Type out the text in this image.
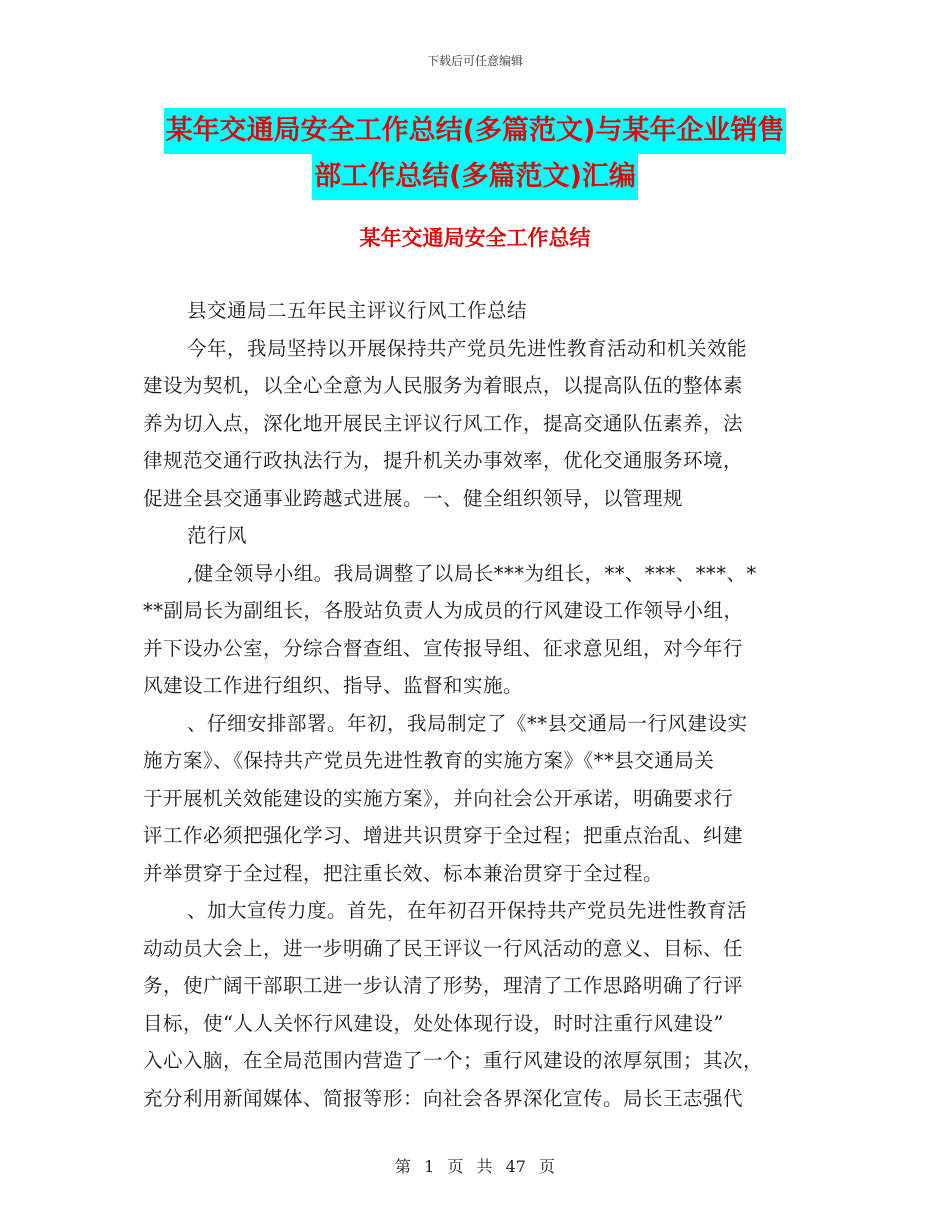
下载后可任意编辑
某年交通局安全工作总结(多篇范文)与某年企业销售
部工作总结(多篇范文)汇编
某年交通局安全工作总结

县交通局二五年民主评议行风工作总结

今年，我局坚持以开展保持共产党员先进性教育活动和机关效能

建设为契机，以全心全意为人民服务为着眼点，以提高队伍的整体素

养为切入点，深化地开展民主评议行风工作，提高交通队伍素养，法

律规范交通行政执法行为，提升机关办事效率，优化交通服务环境，

促进全县交通事业跨越式进展。一、健全组织领导，以管理规

范行风

,健全领导小组。我局调整了以局长***为组长，**、***、***、*

**副局长为副组长，各股站负责人为成员的行风建设工作领导小组，

并下设办公室，分综合督查组、宣传报导组、征求意见组，对今年行

风建设工作进行组织、指导、监督和实施。

、仔细安排部署。年初，我局制定了《**县交通局一行风建设实

施方案》、《保持共产党员先进性教育的实施方案》《**县交通局关

于开展机关效能建设的实施方案》，并向社会公开承诺，明确要求行

评工作必须把强化学习、增进共识贯穿于全过程；把重点治乱、纠建

并举贯穿于全过程，把注重长效、标本兼治贯穿于全过程。

、加大宣传力度。首先，在年初召开保持共产党员先进性教育活

动动员大会上，进一步明确了民王评议一行风活动的意义、目标、任

务，使广阔干部职工进一步认清了形势，理清了工作思路明确了行评

目标，使“人人关怀行风建设，处处体现行设，时时注重行风建设”

入心入脑，在全局范围内营造了一个；重行风建设的浓厚氛围；其次，

充分利用新闻媒体、简报等形：向社会各界深化宣传。局长王志强代

第 1 页 共 47 页
